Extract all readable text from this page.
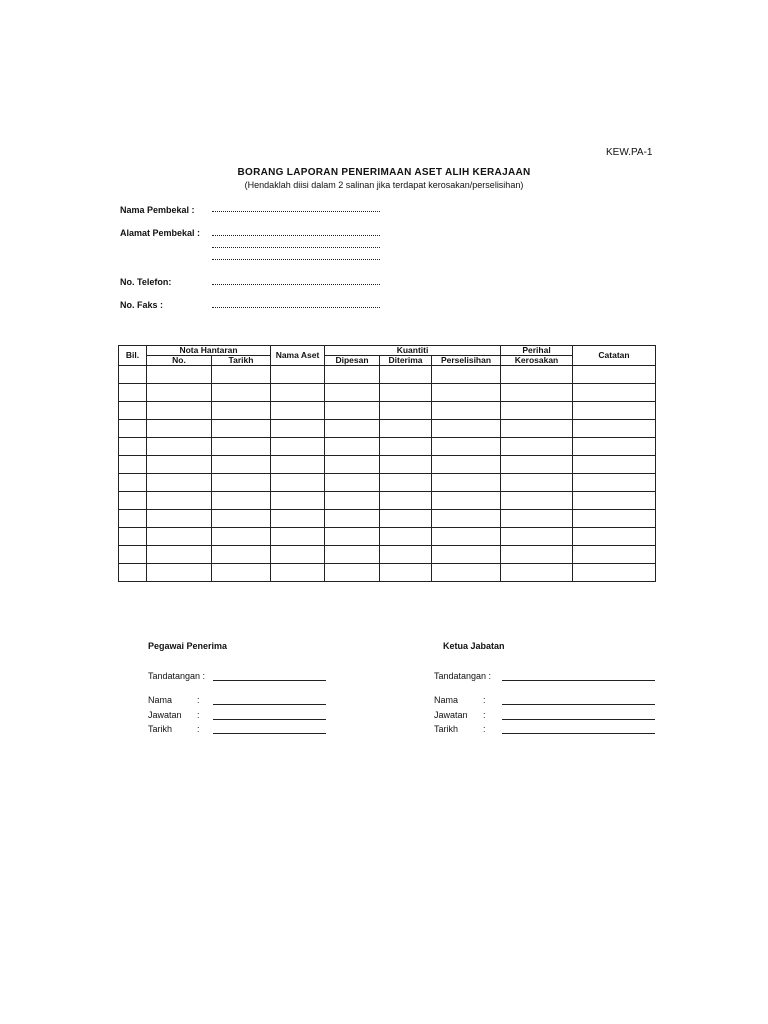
KEW.PA-1
BORANG LAPORAN PENERIMAAN ASET ALIH KERAJAAN
(Hendaklah diisi dalam 2 salinan jika terdapat kerosakan/perselisihan)
Nama Pembekal :
Alamat Pembekal :
No. Telefon:
No. Faks :
Bil.	Nota Hantaran		Nama Aset	Kuantiti			Perihal	Catatan
	No.	Tarikh		Dipesan	Diterima	Perselisihan	Kerosakan	

Pegawai Penerima
Tandatangan :
Nama	:
Jawatan :
Tarikh	:
Ketua Jabatan
Tandatangan :
Nama	:
Jawatan :
Tarikh	:
